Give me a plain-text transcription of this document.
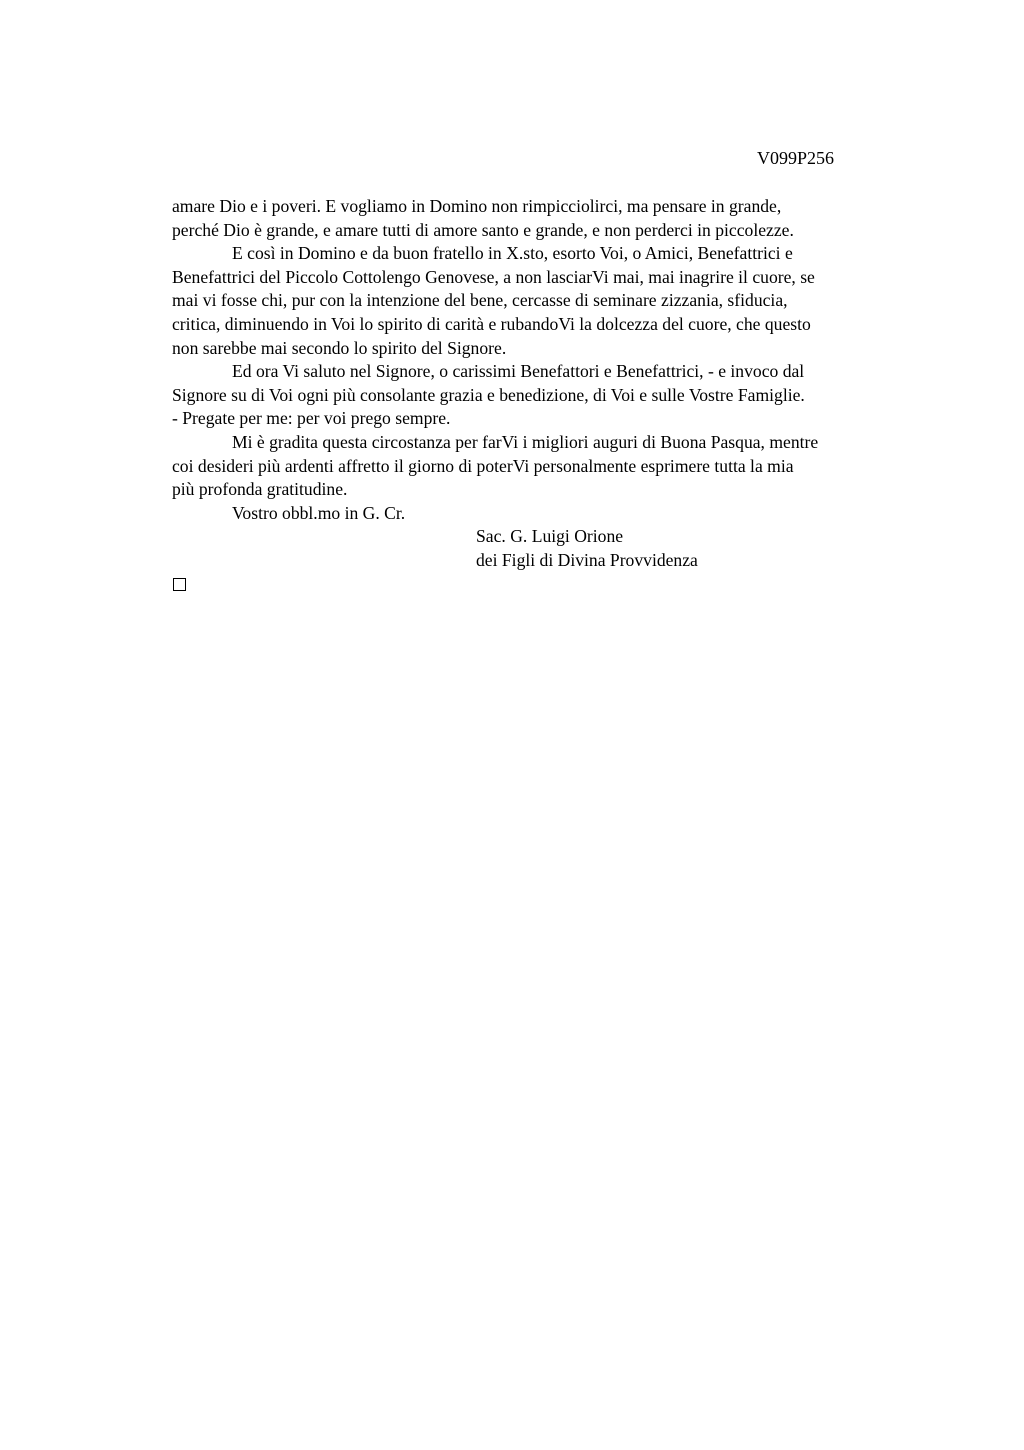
V099P256
amare Dio e i poveri. E vogliamo in Domino non rimpicciolirci, ma pensare in grande,
perché Dio è grande, e amare tutti di amore santo e grande, e non perderci in piccolezze.
E così in Domino e da buon fratello in X.sto, esorto Voi, o Amici, Benefattrici e
Benefattrici del Piccolo Cottolengo Genovese, a non lasciarVi mai, mai inagrire il cuore, se
mai vi fosse chi, pur con la intenzione del bene, cercasse di seminare zizzania, sfiducia,
critica, diminuendo in Voi lo spirito di carità e rubandoVi la dolcezza del cuore, che questo
non sarebbe mai secondo lo spirito del Signore.
Ed ora Vi saluto nel Signore, o carissimi Benefattori e Benefattrici, - e invoco dal
Signore su di Voi ogni più consolante grazia e benedizione, di Voi e sulle Vostre Famiglie.
- Pregate per me: per voi prego sempre.
Mi è gradita questa circostanza per farVi i migliori auguri di Buona Pasqua, mentre
coi desideri più ardenti affretto il giorno di poterVi personalmente esprimere tutta la mia
più profonda gratitudine.
Vostro obbl.mo in G. Cr.
Sac. G. Luigi Orione
dei Figli di Divina Provvidenza
